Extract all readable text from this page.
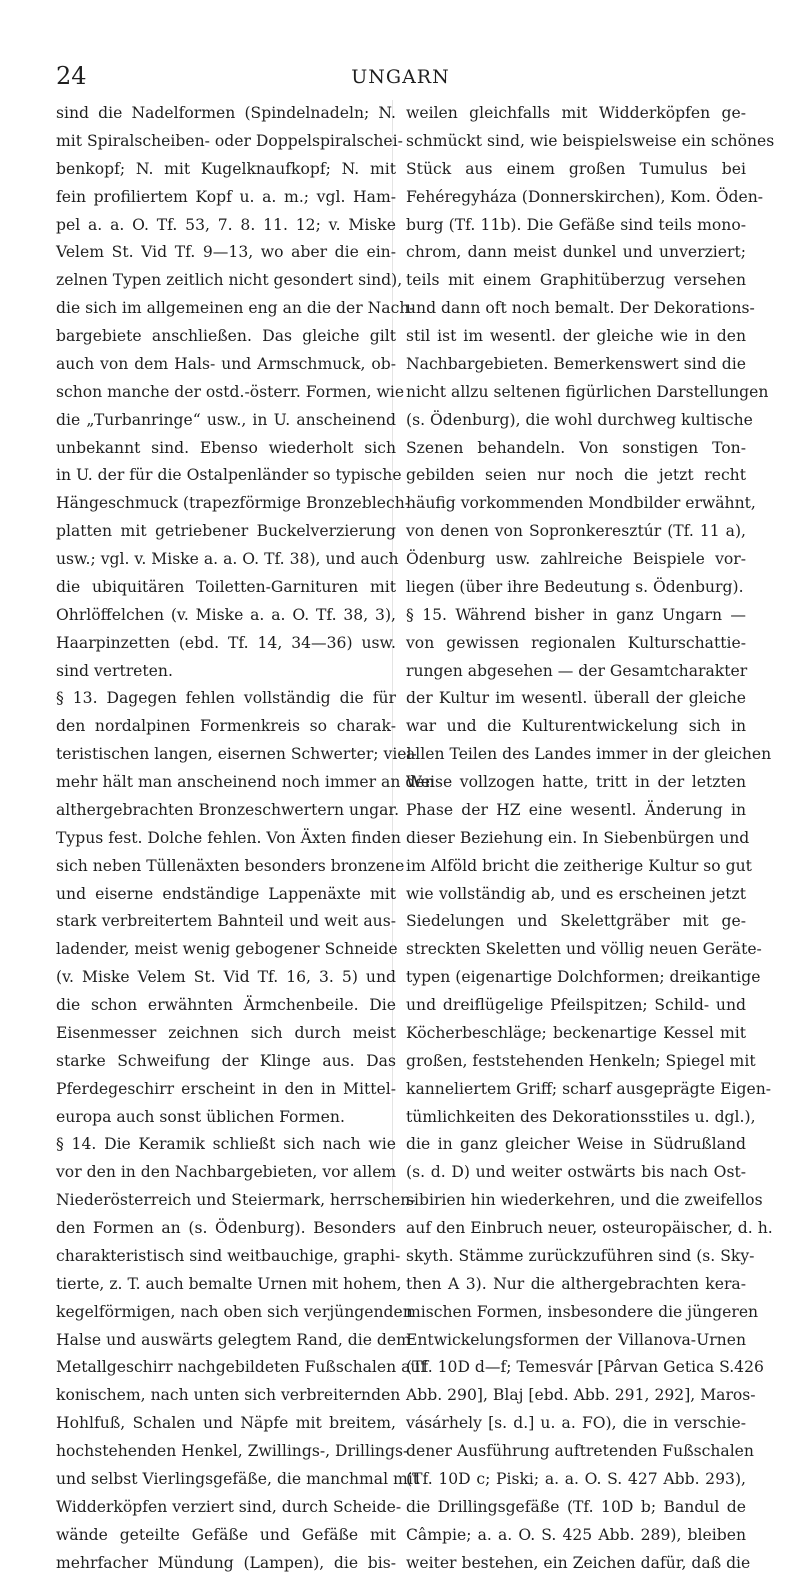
24	UNGARN
sind die Nadelformen (Spindelnadeln; N.
mit Spiralscheiben- oder Doppelspiralschei-
benkopf; N. mit Kugelknaufkopf; N. mit
fein profiliertem Kopf u. a. m.; vgl. Ham-
pel a. a. O. Tf. 53, 7. 8. 11. 12; v. Miske
Velem St. Vid Tf. 9—13, wo aber die ein-
zelnen Typen zeitlich nicht gesondert sind),
die sich im allgemeinen eng an die der Nach-
bargebiete anschließen. Das gleiche gilt
auch von dem Hals- und Armschmuck, ob-
schon manche der ostd.-österr. Formen, wie
die „Turbanringe“ usw., in U. anscheinend
unbekannt sind. Ebenso wiederholt sich
in U. der für die Ostalpenländer so typische
Hängeschmuck (trapezförmige Bronzeblech-
platten mit getriebener Buckelverzierung
usw.; vgl. v. Miske a. a. O. Tf. 38), und auch
die ubiquitären Toiletten-Garnituren mit
Ohrlöffelchen (v. Miske a. a. O. Tf. 38, 3),
Haarpinzetten (ebd. Tf. 14, 34—36) usw.
sind vertreten.
§ 13. Dagegen fehlen vollständig die für
den nordalpinen Formenkreis so charak-
teristischen langen, eisernen Schwerter; viel-
mehr hält man anscheinend noch immer an den
althergebrachten Bronzeschwertern ungar.
Typus fest. Dolche fehlen. Von Äxten finden
sich neben Tüllenäxten besonders bronzene
und eiserne endständige Lappenäxte mit
stark verbreitertem Bahnteil und weit aus-
ladender, meist wenig gebogener Schneide
(v. Miske Velem St. Vid Tf. 16, 3. 5) und
die schon erwähnten Ärmchenbeile. Die
Eisenmesser zeichnen sich durch meist
starke Schweifung der Klinge aus. Das
Pferdegeschirr erscheint in den in Mittel-
europa auch sonst üblichen Formen.
§ 14. Die Keramik schließt sich nach wie
vor den in den Nachbargebieten, vor allem
Niederösterreich und Steiermark, herrschen-
den Formen an (s. Ödenburg). Besonders
charakteristisch sind weitbauchige, graphi-
tierte, z. T. auch bemalte Urnen mit hohem,
kegelförmigen, nach oben sich verjüngenden
Halse und auswärts gelegtem Rand, die dem
Metallgeschirr nachgebildeten Fußschalen auf
konischem, nach unten sich verbreiternden
Hohlfuß, Schalen und Näpfe mit breitem,
hochstehenden Henkel, Zwillings-, Drillings-
und selbst Vierlingsgefäße, die manchmal mit
Widderköpfen verziert sind, durch Scheide-
wände geteilte Gefäße und Gefäße mit
mehrfacher Mündung (Lampen), die bis-
weilen gleichfalls mit Widderköpfen ge-
schmückt sind, wie beispielsweise ein schönes
Stück aus einem großen Tumulus bei
Fehéregyháza (Donnerskirchen), Kom. Öden-
burg (Tf. 11b). Die Gefäße sind teils mono-
chrom, dann meist dunkel und unverziert;
teils mit einem Graphitüberzug versehen
und dann oft noch bemalt. Der Dekorations-
stil ist im wesentl. der gleiche wie in den
Nachbargebieten. Bemerkenswert sind die
nicht allzu seltenen figürlichen Darstellungen
(s. Ödenburg), die wohl durchweg kultische
Szenen behandeln. Von sonstigen Ton-
gebilden seien nur noch die jetzt recht
häufig vorkommenden Mondbilder erwähnt,
von denen von Sopronkeresztúr (Tf. 11 a),
Ödenburg usw. zahlreiche Beispiele vor-
liegen (über ihre Bedeutung s. Ödenburg).
§ 15. Während bisher in ganz Ungarn —
von gewissen regionalen Kulturschattie-
rungen abgesehen — der Gesamtcharakter
der Kultur im wesentl. überall der gleiche
war und die Kulturentwickelung sich in
allen Teilen des Landes immer in der gleichen
Weise vollzogen hatte, tritt in der letzten
Phase der HZ eine wesentl. Änderung in
dieser Beziehung ein. In Siebenbürgen und
im Alföld bricht die zeitherige Kultur so gut
wie vollständig ab, und es erscheinen jetzt
Siedelungen und Skelettgräber mit ge-
streckten Skeletten und völlig neuen Geräte-
typen (eigenartige Dolchformen; dreikantige
und dreiflügelige Pfeilspitzen; Schild- und
Köcherbeschläge; beckenartige Kessel mit
großen, feststehenden Henkeln; Spiegel mit
kanneliertem Griff; scharf ausgeprägte Eigen-
tümlichkeiten des Dekorationsstiles u. dgl.),
die in ganz gleicher Weise in Südrußland
(s. d. D) und weiter ostwärts bis nach Ost-
sibirien hin wiederkehren, und die zweifellos
auf den Einbruch neuer, osteuropäischer, d. h.
skyth. Stämme zurückzuführen sind (s. Sky-
then A 3). Nur die althergebrachten kera-
mischen Formen, insbesondere die jüngeren
Entwickelungsformen der Villanova-Urnen
(Tf. 10D d—f; Temesvár [Pârvan Getica S.426
Abb. 290], Blaj [ebd. Abb. 291, 292], Maros-
vásárhely [s. d.] u. a. FO), die in verschie-
dener Ausführung auftretenden Fußschalen
(Tf. 10D c; Piski; a. a. O. S. 427 Abb. 293),
die Drillingsgefäße (Tf. 10D b; Bandul de
Câmpie; a. a. O. S. 425 Abb. 289), bleiben
weiter bestehen, ein Zeichen dafür, daß die
